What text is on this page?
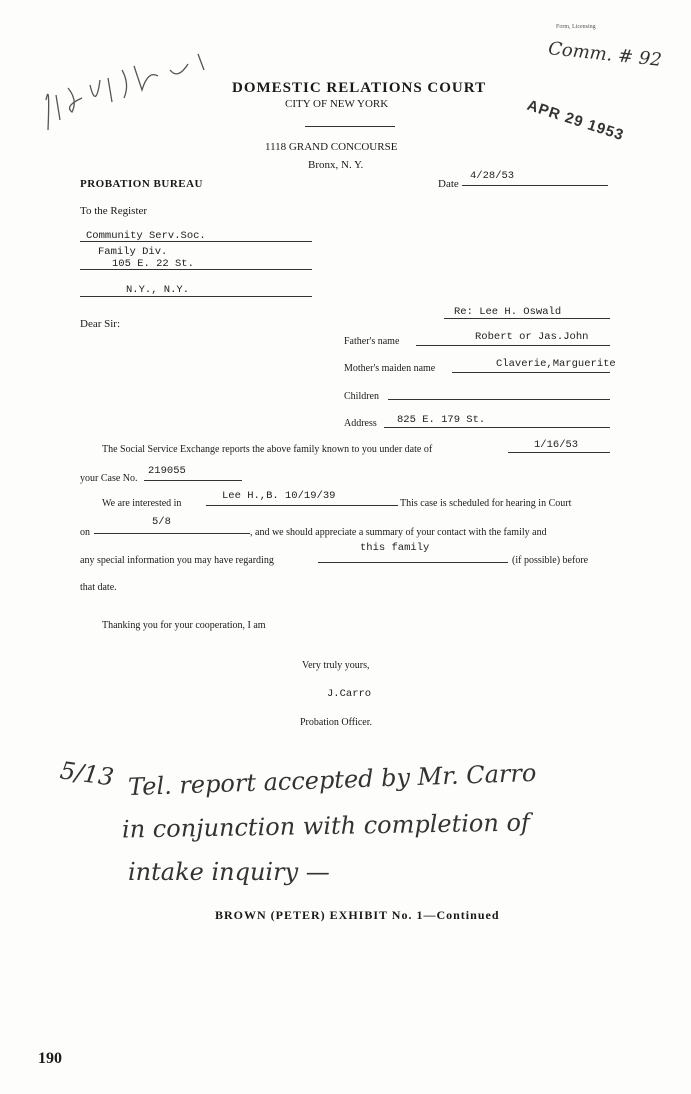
Form, Licensing
Comm. # 92
APR 29 1953
DOMESTIC RELATIONS COURT
CITY OF NEW YORK
1118 GRAND CONCOURSE
Bronx, N. Y.
PROBATION BUREAU	Date
4/28/53
To the Register
Community Serv.Soc.
Family Div.
105 E. 22 St.
N.Y., N.Y.
Dear Sir:
Re: Lee H. Oswald
Father's name	Robert or Jas.John
Mother's maiden name	Claverie,Marguerite
Children
Address 825 E. 179 St.
The Social Service Exchange reports the above family known to you under date of	1/16/53
your Case No.
219055
We are interested in
Lee H.,B. 10/19/39
This case is scheduled for hearing in Court
on
5/8
, and we should appreciate a summary of your contact with the family and
any special information you may have regarding
this family
(if possible) before
that date.
Thanking you for your cooperation, I am
Very truly yours,
J.Carro
Probation Officer.
5/13 Tel. report accepted by Mr. Carro
in conjunction with completion of
intake inquiry —
BROWN (PETER) EXHIBIT No. 1—Continued
190
